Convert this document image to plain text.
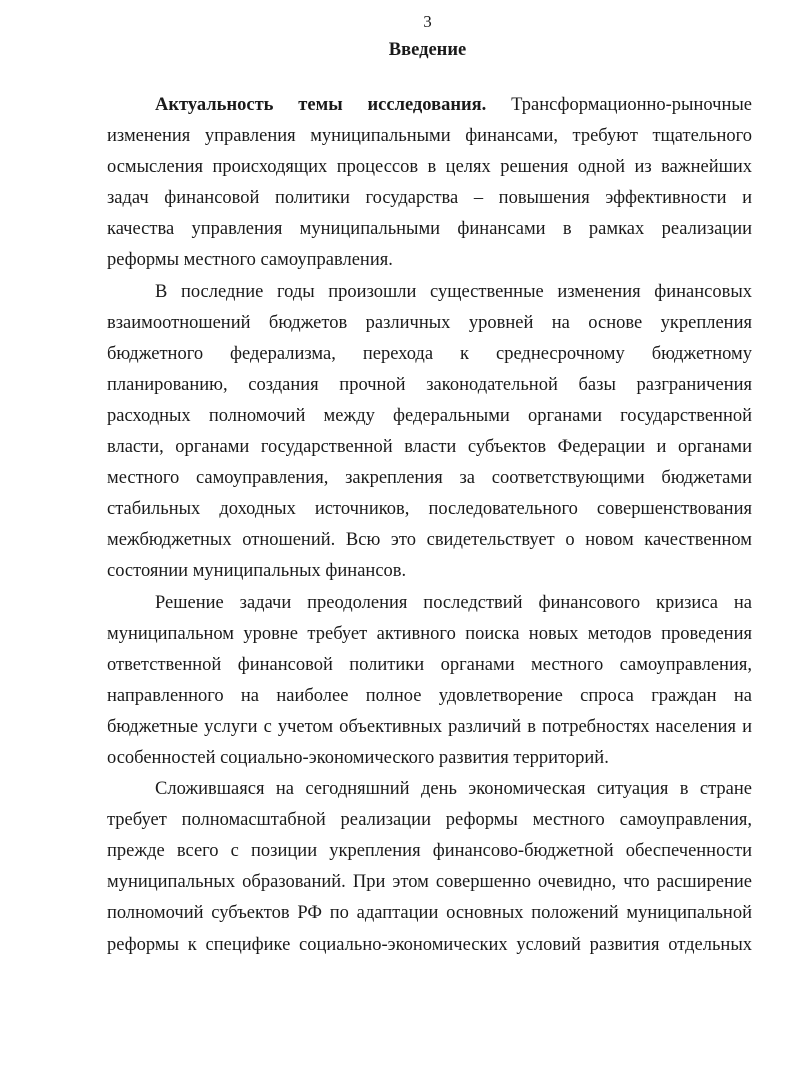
3
Введение
Актуальность темы исследования. Трансформационно-рыночные
изменения управления муниципальными финансами, требуют тщательного
осмысления происходящих процессов в целях решения одной из важнейших
задач финансовой политики государства – повышения эффективности и
качества управления муниципальными финансами в рамках реализации
реформы местного самоуправления.
В последние годы произошли существенные изменения финансовых
взаимоотношений бюджетов различных уровней на основе укрепления
бюджетного федерализма, перехода к среднесрочному бюджетному
планированию, создания прочной законодательной базы разграничения
расходных полномочий между федеральными органами государственной
власти, органами государственной власти субъектов Федерации и органами
местного самоуправления, закрепления за соответствующими бюджетами
стабильных доходных источников, последовательного совершенствования
межбюджетных отношений. Всю это свидетельствует о новом качественном
состоянии муниципальных финансов.
Решение задачи преодоления последствий финансового кризиса на
муниципальном уровне требует активного поиска новых методов проведения
ответственной финансовой политики органами местного самоуправления,
направленного на наиболее полное удовлетворение спроса граждан на
бюджетные услуги с учетом объективных различий в потребностях населения и
особенностей социально-экономического развития территорий.
Сложившаяся на сегодняшний день экономическая ситуация в стране
требует полномасштабной реализации реформы местного самоуправления,
прежде всего с позиции укрепления финансово-бюджетной обеспеченности
муниципальных образований. При этом совершенно очевидно, что расширение
полномочий субъектов РФ по адаптации основных положений муниципальной
реформы к специфике социально-экономических условий развития отдельных
